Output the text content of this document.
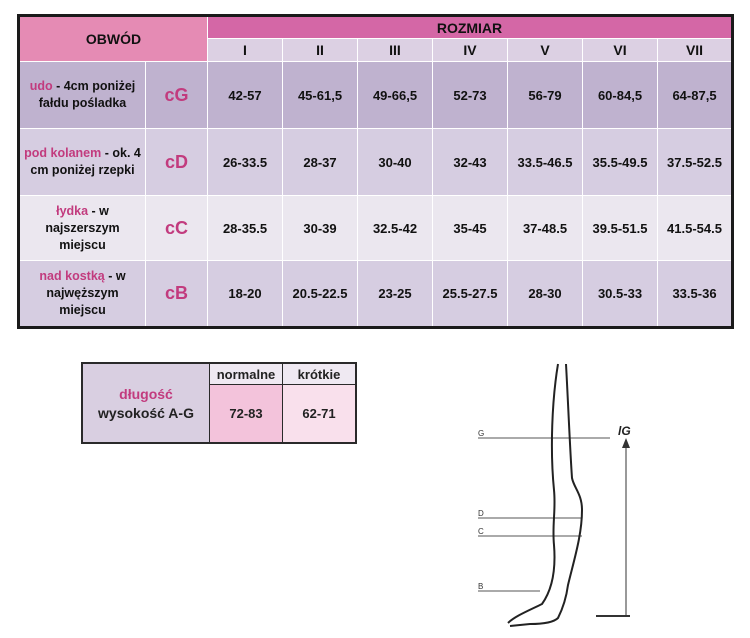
OBWÓD		ROZMIAR						
		I	II	III	IV	V	VI	VII
udo - 4cm poniżej fałdu pośladka	cG	42-57	45-61,5	49-66,5	52-73	56-79	60-84,5	64-87,5
pod kolanem - ok. 4 cm poniżej rzepki	cD	26-33.5	28-37	30-40	32-43	33.5-46.5	35.5-49.5	37.5-52.5
łydka - w najszerszym miejscu	cC	28-35.5	30-39	32.5-42	35-45	37-48.5	39.5-51.5	41.5-54.5
nad kostką - w najwęższym miejscu	cB	18-20	20.5-22.5	23-25	25.5-27.5	28-30	30.5-33	33.5-36
długość
wysokość A-G	normalne	krótkie
	72-83	62-71
G
D
C
B
lG
